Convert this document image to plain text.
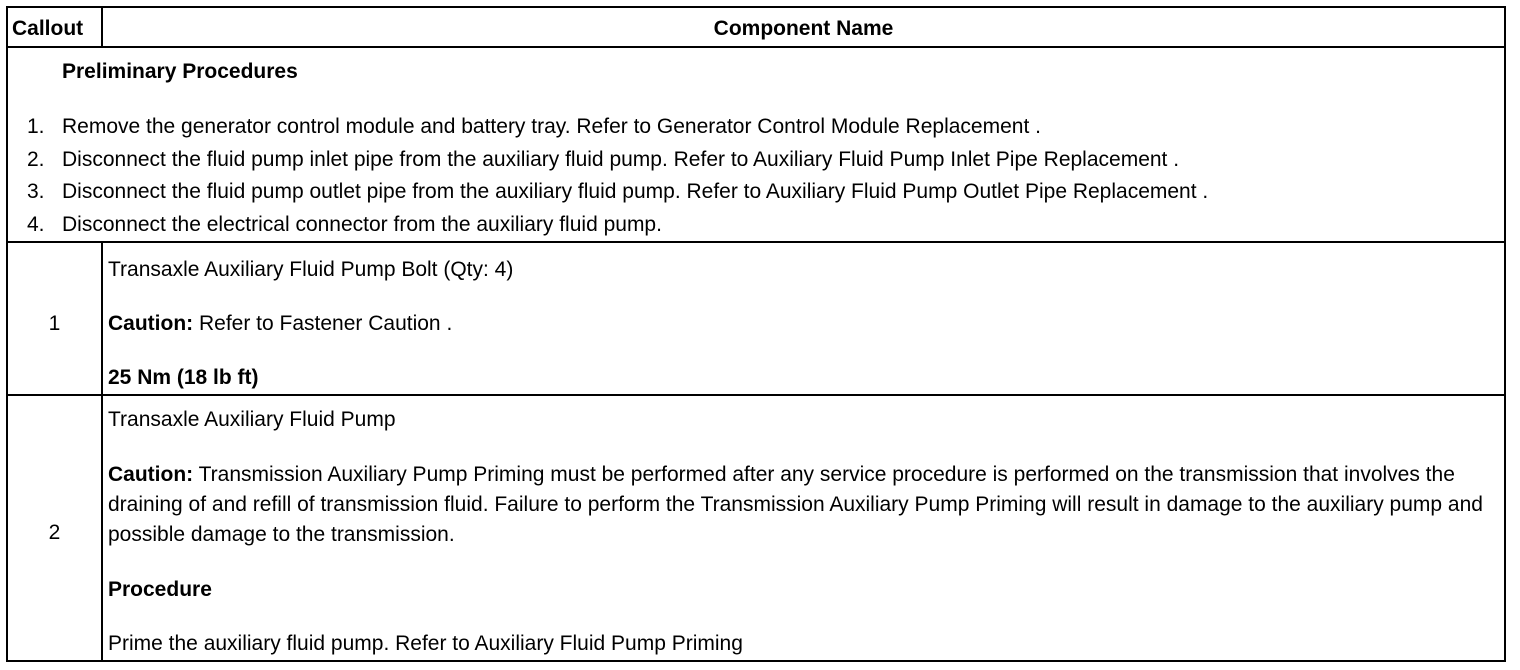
Callout	Component Name
Preliminary Procedures
1. Remove the generator control module and battery tray. Refer to Generator Control Module Replacement .
2. Disconnect the fluid pump inlet pipe from the auxiliary fluid pump. Refer to Auxiliary Fluid Pump Inlet Pipe Replacement .
3. Disconnect the fluid pump outlet pipe from the auxiliary fluid pump. Refer to Auxiliary Fluid Pump Outlet Pipe Replacement .
4. Disconnect the electrical connector from the auxiliary fluid pump.
1
Transaxle Auxiliary Fluid Pump Bolt (Qty: 4)
Caution: Refer to Fastener Caution .
25 Nm (18 lb ft)
2
Transaxle Auxiliary Fluid Pump
Caution: Transmission Auxiliary Pump Priming must be performed after any service procedure is performed on the transmission that involves the draining of and refill of transmission fluid. Failure to perform the Transmission Auxiliary Pump Priming will result in damage to the auxiliary pump and possible damage to the transmission.
Procedure
Prime the auxiliary fluid pump. Refer to Auxiliary Fluid Pump Priming
